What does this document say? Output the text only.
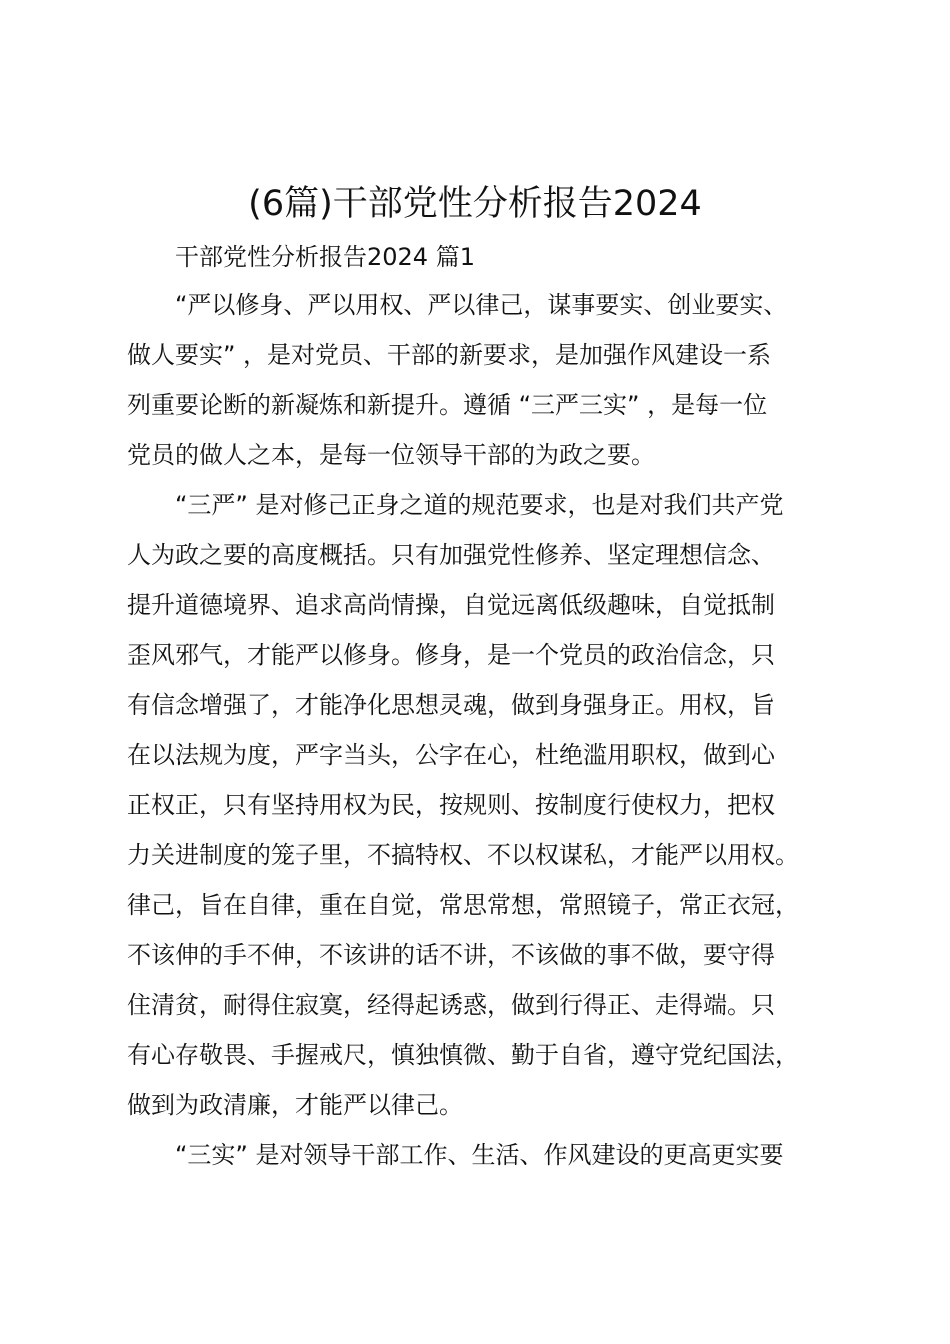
(6篇)干部党性分析报告2024

干部党性分析报告2024 篇1

“严以修身、严以用权、严以律己，谋事要实、创业要实、
做人要实” ，是对党员、干部的新要求，是加强作风建设一系
列重要论断的新凝炼和新提升。遵循 “三严三实” ，是每一位
党员的做人之本，是每一位领导干部的为政之要。

“三严” 是对修己正身之道的规范要求，也是对我们共产党
人为政之要的高度概括。只有加强党性修养、坚定理想信念、
提升道德境界、追求高尚情操，自觉远离低级趣味，自觉抵制
歪风邪气，才能严以修身。修身，是一个党员的政治信念，只
有信念增强了，才能净化思想灵魂，做到身强身正。用权，旨
在以法规为度，严字当头，公字在心，杜绝滥用职权，做到心
正权正，只有坚持用权为民，按规则、按制度行使权力，把权
力关进制度的笼子里，不搞特权、不以权谋私，才能严以用权。
律己，旨在自律，重在自觉，常思常想，常照镜子，常正衣冠，
不该伸的手不伸，不该讲的话不讲，不该做的事不做，要守得
住清贫，耐得住寂寞，经得起诱惑，做到行得正、走得端。只
有心存敬畏、手握戒尺，慎独慎微、勤于自省，遵守党纪国法，
做到为政清廉，才能严以律己。

“三实” 是对领导干部工作、生活、作风建设的更高更实要
